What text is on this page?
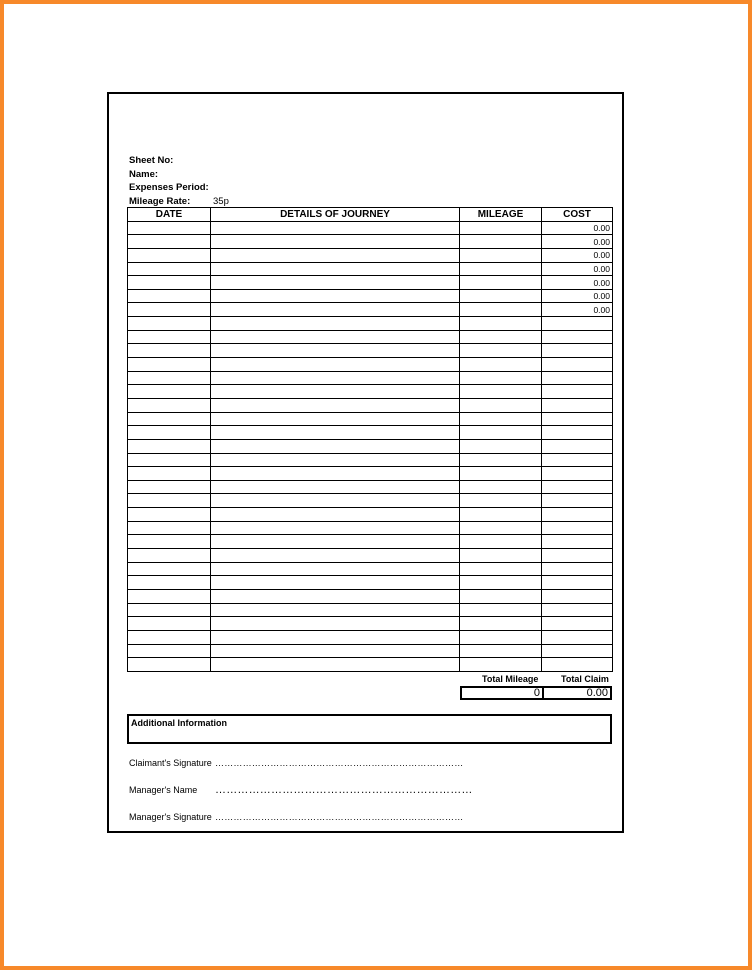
Sheet No:
Name:
Expenses Period:
Mileage Rate: 35p
DATE	DETAILS OF JOURNEY	MILEAGE	COST
			0.00
			0.00
			0.00
			0.00
			0.00
			0.00
			0.00

Total Mileage	Total Claim
0	0.00
Additional Information
Claimant's Signature ………………………………………………………………………
Manager's Name ……………………………………………………………
Manager's Signature ………………………………………………………………………
